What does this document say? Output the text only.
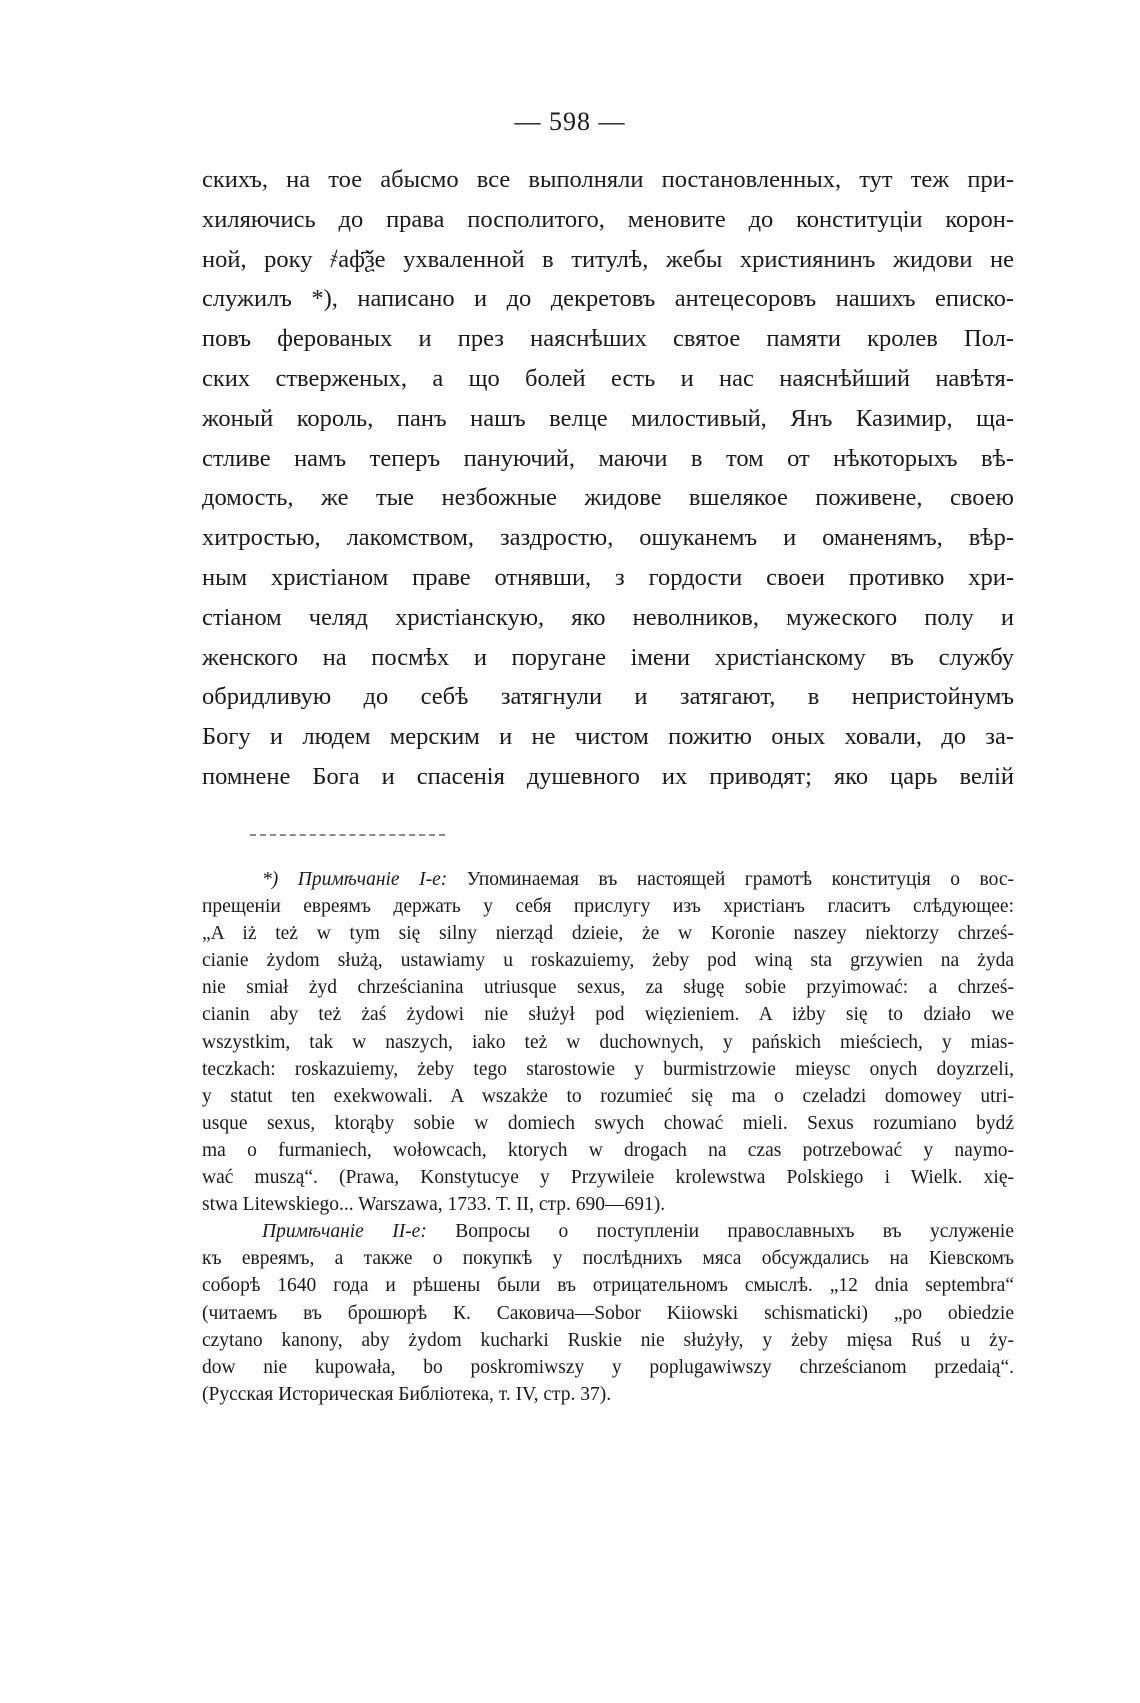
— 598 —
скихъ, на тое абысмо все выполняли постановленных, тут теж при-
хиляючись до права посполитого, меновите до конституціи корон-
ной, року ҂аф҃ѯе ухваленной в титулѣ, жебы християнинъ жидови не
служилъ *), написано и до декретовъ антецесоровъ нашихъ еписко-
повъ ферованых и през наяснѣших святое памяти кролев Пол-
ских стверженых, а що болей есть и нас наяснѣйший навѣтя-
жоный король, панъ нашъ велце милостивый, Янъ Казимир, ща-
стливе намъ теперъ пануючий, маючи в том от нѣкоторыхъ вѣ-
домость, же тые незбожные жидове вшелякое поживене, своею
хитростью, лакомством, заздростю, ошуканемъ и оманенямъ, вѣр-
ным христіаном праве отнявши, з гордости своеи противко хри-
стіаном челяд христіанскую, яко неволников, мужеского полу и
женского на посмѣх и поругане імени христіанскому въ службу
обридливую до себѣ затягнули и затягают, в непристойнумъ
Богу и людем мерским и не чистом пожитю оных ховали, до за-
помнене Бога и спасенія душевного их приводят; яко царь велій
*) Примѣчаніе I-е: Упоминаемая въ настоящей грамотѣ конституція о вос-
прещеніи евреямъ держать у себя прислугу изъ христіанъ гласитъ слѣдующее:
„A iż też w tym się silny nierząd dzieie, że w Koronie naszey niektorzy chrześ-
cianie żydom służą, ustawiamy u roskazuiemy, żeby pod winą sta grzywien na żyda
nie smiał żyd chrześcianina utriusque sexus, za sługę sobie przyimować: a chrześ-
cianin aby też żaś żydowi nie służył pod więzieniem. A iżby się to działo we
wszystkim, tak w naszych, iako też w duchownych, y pańskich mieściech, y mias-
teczkach: roskazuiemy, żeby tego starostowie y burmistrzowie mieysc onych doyzrzeli,
y statut ten exekwowali. A wszakże to rozumieć się ma o czeladzi domowey utri-
usque sexus, ktorąby sobie w domiech swych chować mieli. Sexus rozumiano bydź
ma o furmaniech, wołowcach, ktorych w drogach na czas potrzebować y naymo-
wać muszą“. (Prawa, Konstytucye y Przywileie krolewstwa Polskiego i Wielk. xię-
stwa Litewskiego... Warszawa, 1733. T. II, стр. 690—691).
Примѣчаніе II-е: Вопросы о поступленіи православныхъ въ услуженіе
къ евреямъ, а также о покупкѣ у послѣднихъ мяса обсуждались на Кіевскомъ
соборѣ 1640 года и рѣшены были въ отрицательномъ смыслѣ. „12 dnia septembra“
(читаемъ въ брошюрѣ К. Саковича—Sobor Kiiowski schismaticki) „po obiedzie
czytano kanony, aby żydom kucharki Ruskie nie służyły, y żeby mięsa Ruś u ży-
dow nie kupowała, bo poskromiwszy y poplugawiwszy chrześcianom przedaią“.
(Русская Историческая Библіотека, т. IV, стр. 37).
